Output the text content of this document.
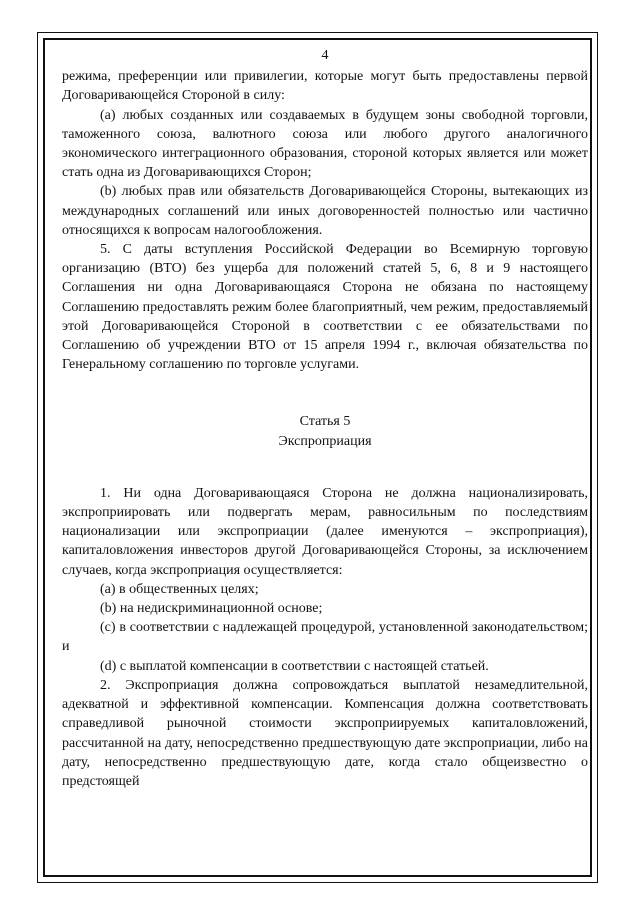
4

режима, преференции или привилегии, которые могут быть предоставлены первой Договаривающейся Стороной в силу:

(а) любых созданных или создаваемых в будущем зоны свободной торговли, таможенного союза, валютного союза или любого другого аналогичного экономического интеграционного образования, стороной которых является или может стать одна из Договаривающихся Сторон;

(b) любых прав или обязательств Договаривающейся Стороны, вытекающих из международных соглашений или иных договоренностей полностью или частично относящихся к вопросам налогообложения.

5. С даты вступления Российской Федерации во Всемирную торговую организацию (ВТО) без ущерба для положений статей 5, 6, 8 и 9 настоящего Соглашения ни одна Договаривающаяся Сторона не обязана по настоящему Соглашению предоставлять режим более благоприятный, чем режим, предоставляемый этой Договаривающейся Стороной в соответствии с ее обязательствами по Соглашению об учреждении ВТО от 15 апреля 1994 г., включая обязательства по Генеральному соглашению по торговле услугами.

Статья 5

Экспроприация

1. Ни одна Договаривающаяся Сторона не должна национализировать, экспроприировать или подвергать мерам, равносильным по последствиям национализации или экспроприации (далее именуются – экспроприация), капиталовложения инвесторов другой Договаривающейся Стороны, за исключением случаев, когда экспроприация осуществляется:

(а) в общественных целях;

(b) на недискриминационной основе;

(с) в соответствии с надлежащей процедурой, установленной законодательством; и

(d) с выплатой компенсации в соответствии с настоящей статьей.

2. Экспроприация должна сопровождаться выплатой незамедлительной, адекватной и эффективной компенсации. Компенсация должна соответствовать справедливой рыночной стоимости экспроприируемых капиталовложений, рассчитанной на дату, непосредственно предшествующую дате экспроприации, либо на дату, непосредственно предшествующую дате, когда стало общеизвестно о предстоящей
